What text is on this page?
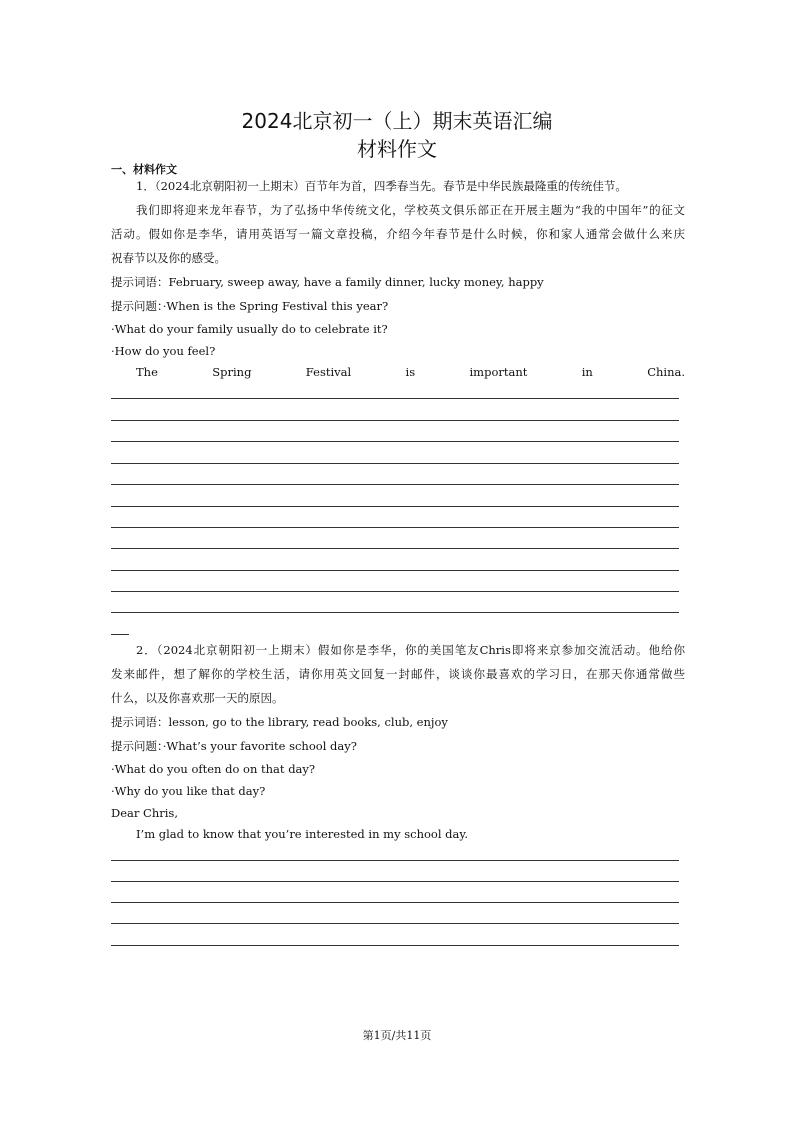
2024北京初一（上）期末英语汇编
材料作文
一、材料作文
1．（2024北京朝阳初一上期末）百节年为首，四季春当先。春节是中华民族最隆重的传统佳节。
我们即将迎来龙年春节，为了弘扬中华传统文化，学校英文俱乐部正在开展主题为“我的中国年”的征文
活动。假如你是李华，请用英语写一篇文章投稿，介绍今年春节是什么时候，你和家人通常会做什么来庆
祝春节以及你的感受。
提示词语：February, sweep away, have a family dinner, lucky money, happy
提示问题：·When is the Spring Festival this year?
·What do your family usually do to celebrate it?
·How do you feel?
The	Spring	Festival	is	important	in	China.
2．（2024北京朝阳初一上期末）假如你是李华，你的美国笔友Chris即将来京参加交流活动。他给你
发来邮件，想了解你的学校生活，请你用英文回复一封邮件，谈谈你最喜欢的学习日，在那天你通常做些
什么，以及你喜欢那一天的原因。
提示词语：lesson, go to the library, read books, club, enjoy
提示问题：·What’s your favorite school day?
·What do you often do on that day?
·Why do you like that day?
Dear Chris,
I’m glad to know that you’re interested in my school day.
第1页/共11页
